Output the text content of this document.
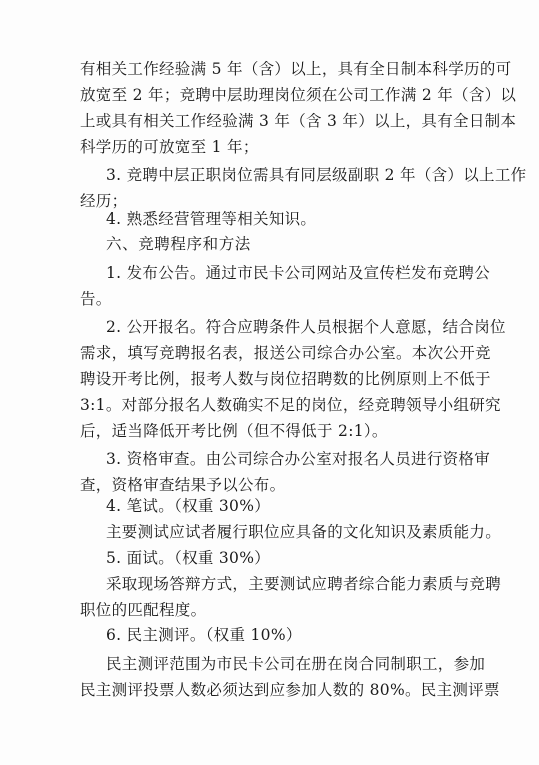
有相关工作经验满 5 年（含）以上，具有全日制本科学历的可
放宽至 2 年；竞聘中层助理岗位须在公司工作满 2 年（含）以
上或具有相关工作经验满 3 年（含 3 年）以上，具有全日制本
科学历的可放宽至 1 年；
3. 竞聘中层正职岗位需具有同层级副职 2 年（含）以上工作
经历；
4. 熟悉经营管理等相关知识。
六、竞聘程序和方法
1. 发布公告。通过市民卡公司网站及宣传栏发布竞聘公
告。
2. 公开报名。符合应聘条件人员根据个人意愿，结合岗位
需求，填写竞聘报名表，报送公司综合办公室。本次公开竞
聘设开考比例，报考人数与岗位招聘数的比例原则上不低于
3:1。对部分报名人数确实不足的岗位，经竞聘领导小组研究
后，适当降低开考比例（但不得低于 2:1）。
3. 资格审查。由公司综合办公室对报名人员进行资格审
查，资格审查结果予以公布。
4. 笔试。（权重 30%）
主要测试应试者履行职位应具备的文化知识及素质能力。
5. 面试。（权重 30%）
采取现场答辩方式，主要测试应聘者综合能力素质与竞聘
职位的匹配程度。
6. 民主测评。（权重 10%）
民主测评范围为市民卡公司在册在岗合同制职工，参加
民主测评投票人数必须达到应参加人数的 80%。民主测评票
